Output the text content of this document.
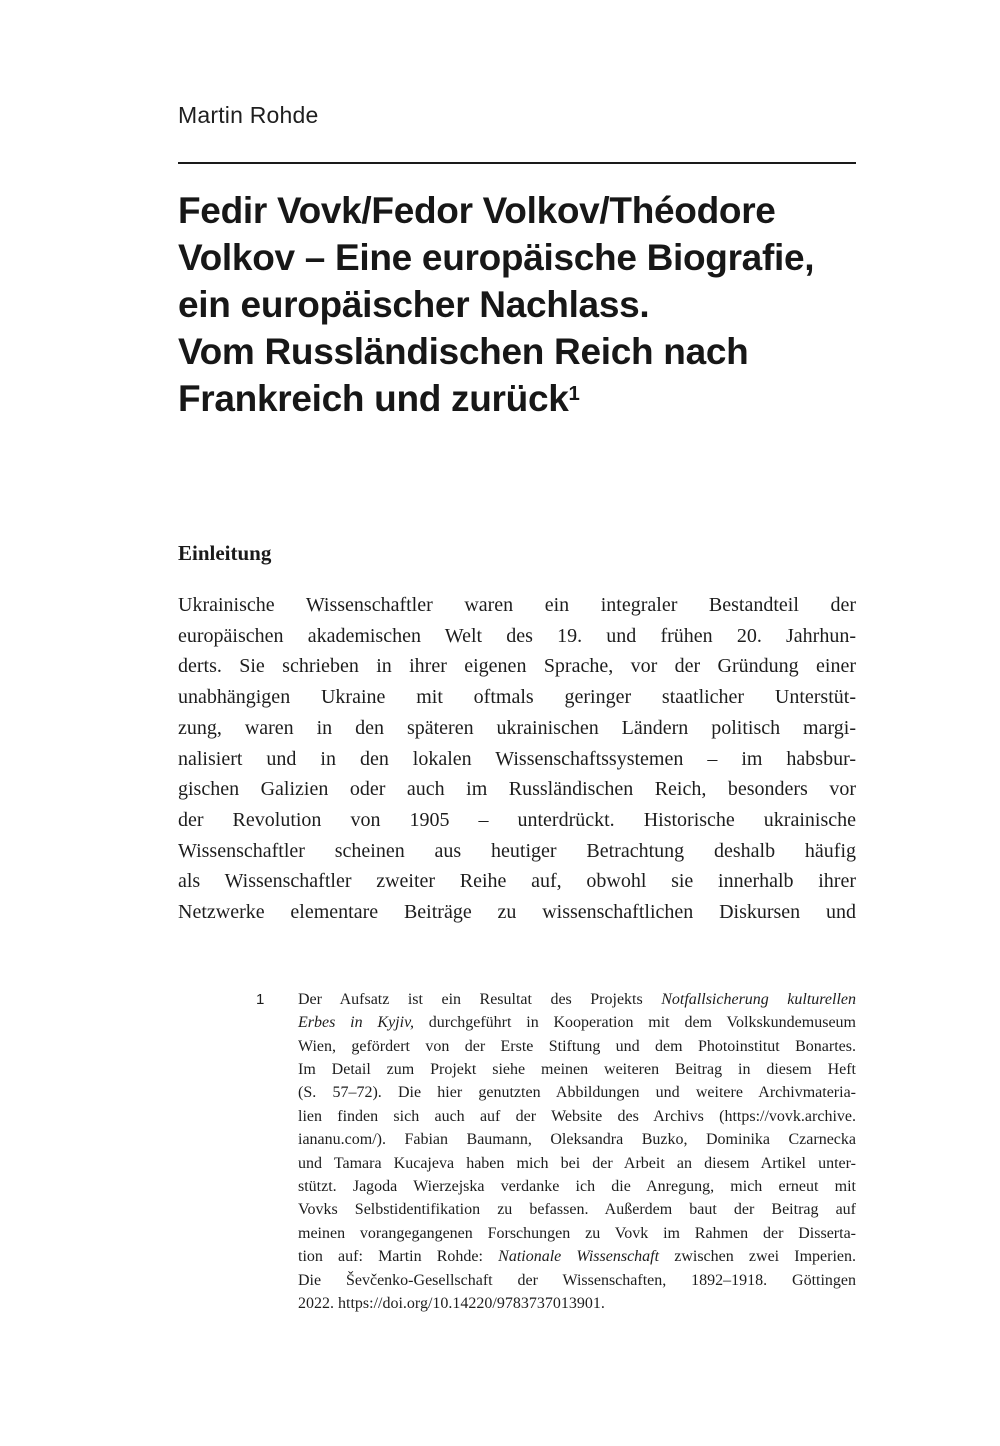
Martin Rohde
Fedir Vovk/Fedor Volkov/Théodore
Volkov – Eine europäische Biografie,
ein europäischer Nachlass.
Vom Russländischen Reich nach
Frankreich und zurück$^1$
Einleitung
Ukrainische Wissenschaftler waren ein integraler Bestandteil der
europäischen akademischen Welt des 19. und frühen 20. Jahrhun-
derts. Sie schrieben in ihrer eigenen Sprache, vor der Gründung einer
unabhängigen Ukraine mit oftmals geringer staatlicher Unterstüt-
zung, waren in den späteren ukrainischen Ländern politisch margi-
nalisiert und in den lokalen Wissenschaftssystemen – im habsbur-
gischen Galizien oder auch im Russländischen Reich, besonders vor
der Revolution von 1905 – unterdrückt. Historische ukrainische
Wissenschaftler scheinen aus heutiger Betrachtung deshalb häufig
als Wissenschaftler zweiter Reihe auf, obwohl sie innerhalb ihrer
Netzwerke elementare Beiträge zu wissenschaftlichen Diskursen und
1	Der Aufsatz ist ein Resultat des Projekts Notfallsicherung kulturellen
Erbes in Kyjiv, durchgeführt in Kooperation mit dem Volkskundemuseum
Wien, gefördert von der Erste Stiftung und dem Photoinstitut Bonartes.
Im Detail zum Projekt siehe meinen weiteren Beitrag in diesem Heft
(S. 57–72). Die hier genutzten Abbildungen und weitere Archivmateria-
lien finden sich auch auf der Website des Archivs (https://vovk.archive.
iananu.com/). Fabian Baumann, Oleksandra Buzko, Dominika Czarnecka
und Tamara Kucajeva haben mich bei der Arbeit an diesem Artikel unter-
stützt. Jagoda Wierzejska verdanke ich die Anregung, mich erneut mit
Vovks Selbstidentifikation zu befassen. Außerdem baut der Beitrag auf
meinen vorangegangenen Forschungen zu Vovk im Rahmen der Disserta-
tion auf: Martin Rohde: Nationale Wissenschaft zwischen zwei Imperien.
Die Ševčenko-Gesellschaft der Wissenschaften, 1892–1918. Göttingen
2022. https://doi.org/10.14220/9783737013901.
